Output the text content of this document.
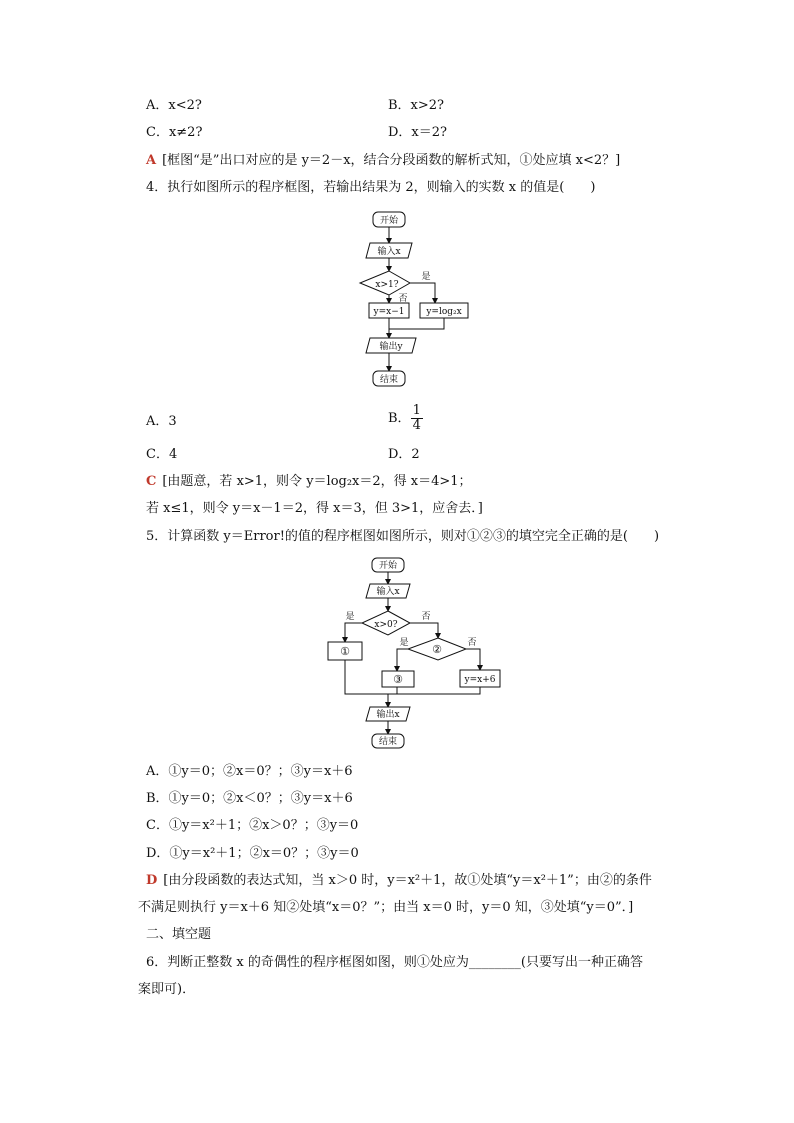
A．x<2?	B．x>2?
C．x≠2?	D．x＝2?
A [框图“是”出口对应的是 y＝2－x，结合分段函数的解析式知，①处应填 x<2？]
4．执行如图所示的程序框图，若输出结果为 2，则输入的实数 x 的值是(　　)
开始
输入x
x>1?
是
否
y=x−1 y=log₂x
输出y
结束
A．3	B． $\frac{1}{4}$
C．4	D．2
C [由题意，若 x>1，则令 y＝log₂x＝2，得 x＝4>1；
若 x≤1，则令 y＝x－1＝2，得 x＝3，但 3>1，应舍去．]
5．计算函数 y＝Error!的值的程序框图如图所示，则对①②③的填空完全正确的是(　　)
开始
输入x
x>0?
是	否
①	②
是	否
③	y=x+6
输出x
结束
A．①y＝0；②x＝0？；③y＝x＋6
B．①y＝0；②x＜0？；③y＝x＋6
C．①y＝x²＋1；②x＞0？；③y＝0
D．①y＝x²＋1；②x＝0？；③y＝0
D [由分段函数的表达式知，当 x＞0 时，y＝x²＋1，故①处填“y＝x²＋1”；由②的条件
不满足则执行 y＝x＋6 知②处填“x＝0？”；由当 x＝0 时，y＝0 知，③处填“y＝0”．]
二、填空题
6．判断正整数 x 的奇偶性的程序框图如图，则①处应为________(只要写出一种正确答
案即可)．
